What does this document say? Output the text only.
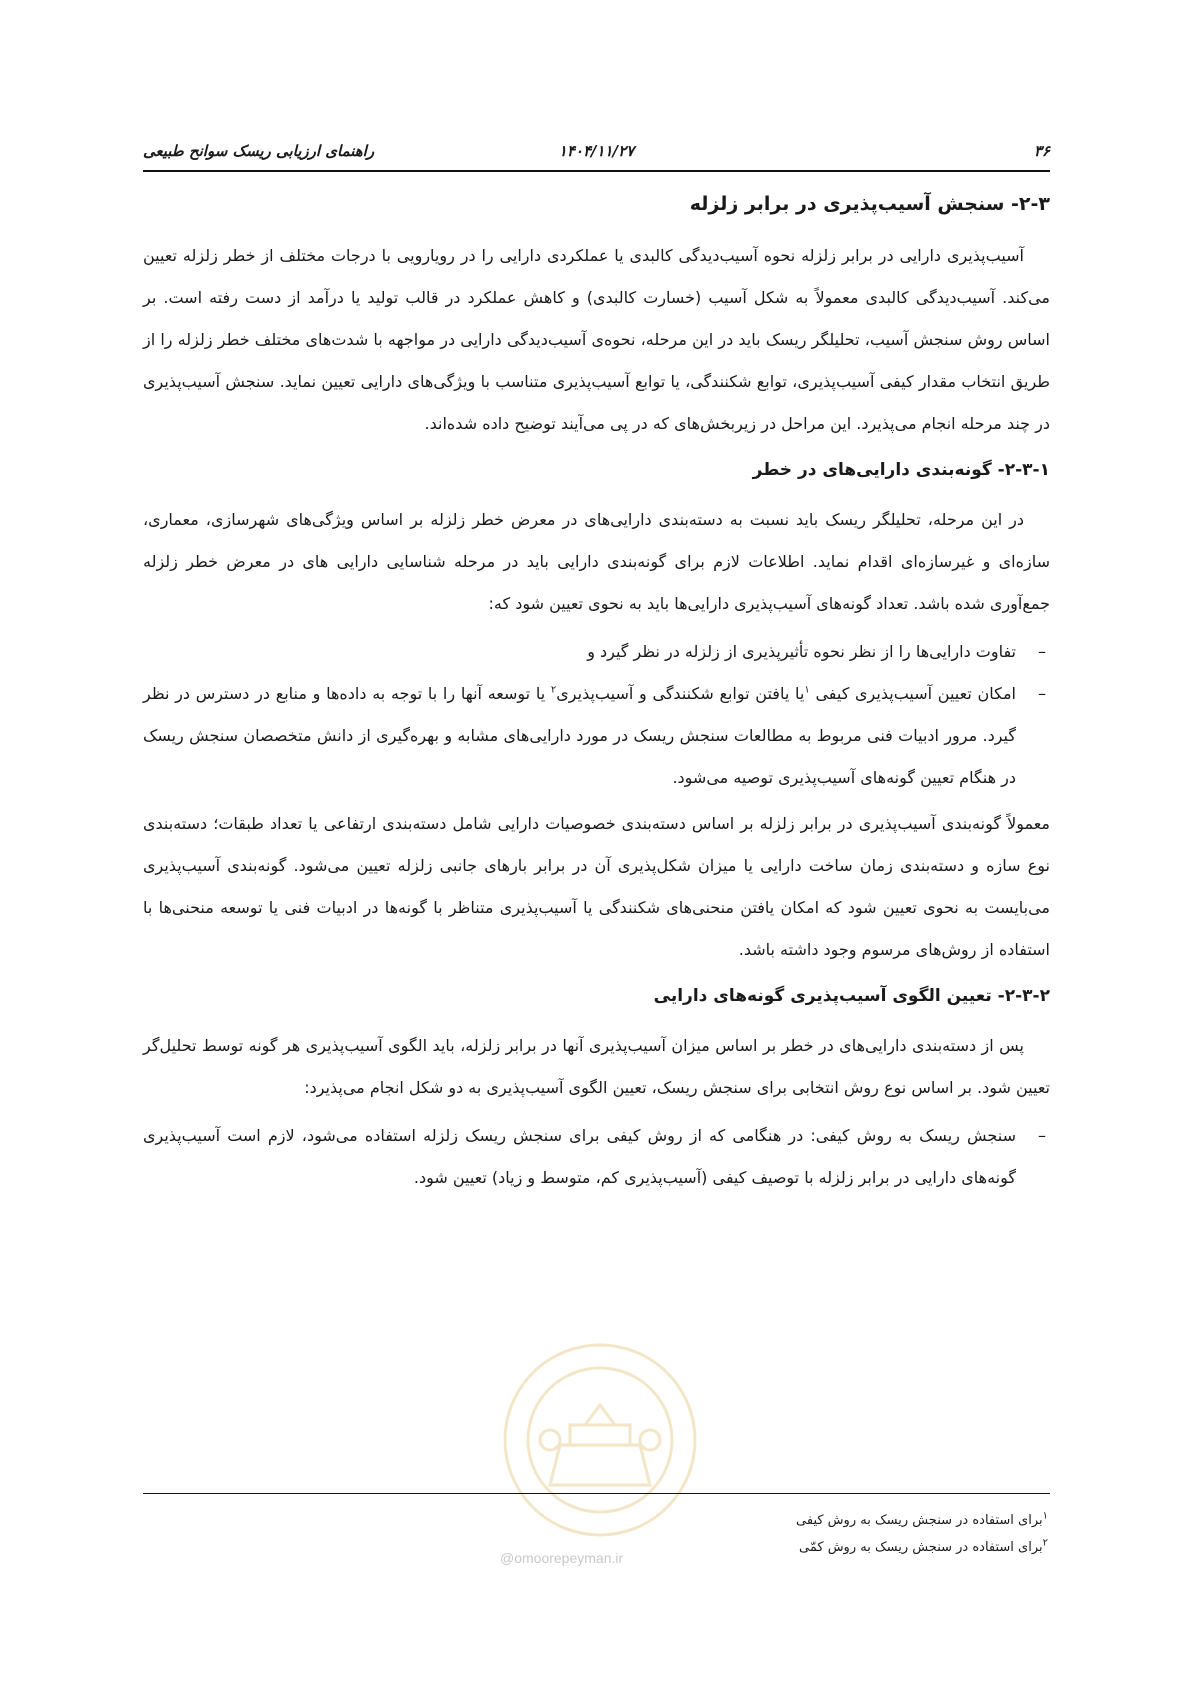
۳۶
۱۴۰۴/۱۱/۲۷
راهنمای ارزیابی ریسک سوانح طبیعی
۲-۳- سنجش آسیب‌پذیری در برابر زلزله

آسیب‌پذیری دارایی در برابر زلزله نحوه آسیب‌دیدگی کالبدی یا عملکردی دارایی را در رویارویی با درجات مختلف از خطر زلزله تعیین می‌کند. آسیب‌دیدگی کالبدی معمولاً به شکل آسیب (خسارت کالبدی) و کاهش عملکرد در قالب تولید یا درآمد از دست رفته است. بر اساس روش سنجش آسیب، تحلیلگر ریسک باید در این مرحله، نحوه‌ی آسیب‌دیدگی دارایی در مواجهه با شدت‌های مختلف خطر زلزله را از طریق انتخاب مقدار کیفی آسیب‌پذیری، توابع شکنندگی، یا توابع آسیب‌پذیری متناسب با ویژگی‌های دارایی تعیین نماید. سنجش آسیب‌پذیری در چند مرحله انجام می‌پذیرد. این مراحل در زیربخش‌های که در پی می‌آیند توضیح داده شده‌اند.

۲-۳-۱- گونه‌بندی دارایی‌های در خطر

در این مرحله، تحلیلگر ریسک باید نسبت به دسته‌بندی دارایی‌های در معرض خطر زلزله بر اساس ویژگی‌های شهرسازی، معماری، سازه‌ای و غیرسازه‌ای اقدام نماید. اطلاعات لازم برای گونه‌بندی دارایی باید در مرحله شناسایی دارایی های در معرض خطر زلزله جمع‌آوری شده باشد. تعداد گونه‌های آسیب‌پذیری دارایی‌ها باید به نحوی تعیین شود که:

–
تفاوت دارایی‌ها را از نظر نحوه تأثیرپذیری از زلزله در نظر گیرد و
–
امکان تعیین آسیب‌پذیری کیفی $^۱$یا یافتن توابع شکنندگی و آسیب‌پذیری$^۲$ یا توسعه آنها را با توجه به داده‌ها و منابع در دسترس در نظر گیرد. مرور ادبیات فنی مربوط به مطالعات سنجش ریسک در مورد دارایی‌های مشابه و بهره‌گیری از دانش متخصصان سنجش ریسک در هنگام تعیین گونه‌های آسیب‌پذیری توصیه می‌شود.

معمولاً گونه‌بندی آسیب‌پذیری در برابر زلزله بر اساس دسته‌بندی خصوصیات دارایی شامل دسته‌بندی ارتفاعی یا تعداد طبقات؛ دسته‌بندی نوع سازه و دسته‌بندی زمان ساخت دارایی یا میزان شکل‌پذیری آن در برابر بارهای جانبی زلزله تعیین می‌شود. گونه‌بندی آسیب‌پذیری می‌بایست به نحوی تعیین شود که امکان یافتن منحنی‌های شکنندگی یا آسیب‌پذیری متناظر با گونه‌ها در ادبیات فنی یا توسعه منحنی‌ها با استفاده از روش‌های مرسوم وجود داشته باشد.

۲-۳-۲- تعیین الگوی آسیب‌پذیری گونه‌های دارایی

پس از دسته‌بندی دارایی‌های در خطر بر اساس میزان آسیب‌پذیری آنها در برابر زلزله، باید الگوی آسیب‌پذیری هر گونه توسط تحلیل‌گر تعیین شود. بر اساس نوع روش انتخابی برای سنجش ریسک، تعیین الگوی آسیب‌پذیری به دو شکل انجام می‌پذیرد:

–
سنجش ریسک به روش کیفی: در هنگامی که از روش کیفی برای سنجش ریسک زلزله استفاده می‌شود، لازم است آسیب‌پذیری گونه‌های دارایی در برابر زلزله با توصیف کیفی (آسیب‌پذیری کم، متوسط و زیاد) تعیین شود.
@omoorepeyman.ir
$^۱$برای استفاده در سنجش ریسک به روش کیفی
$^۲$برای استفاده در سنجش ریسک به روش کمّی
